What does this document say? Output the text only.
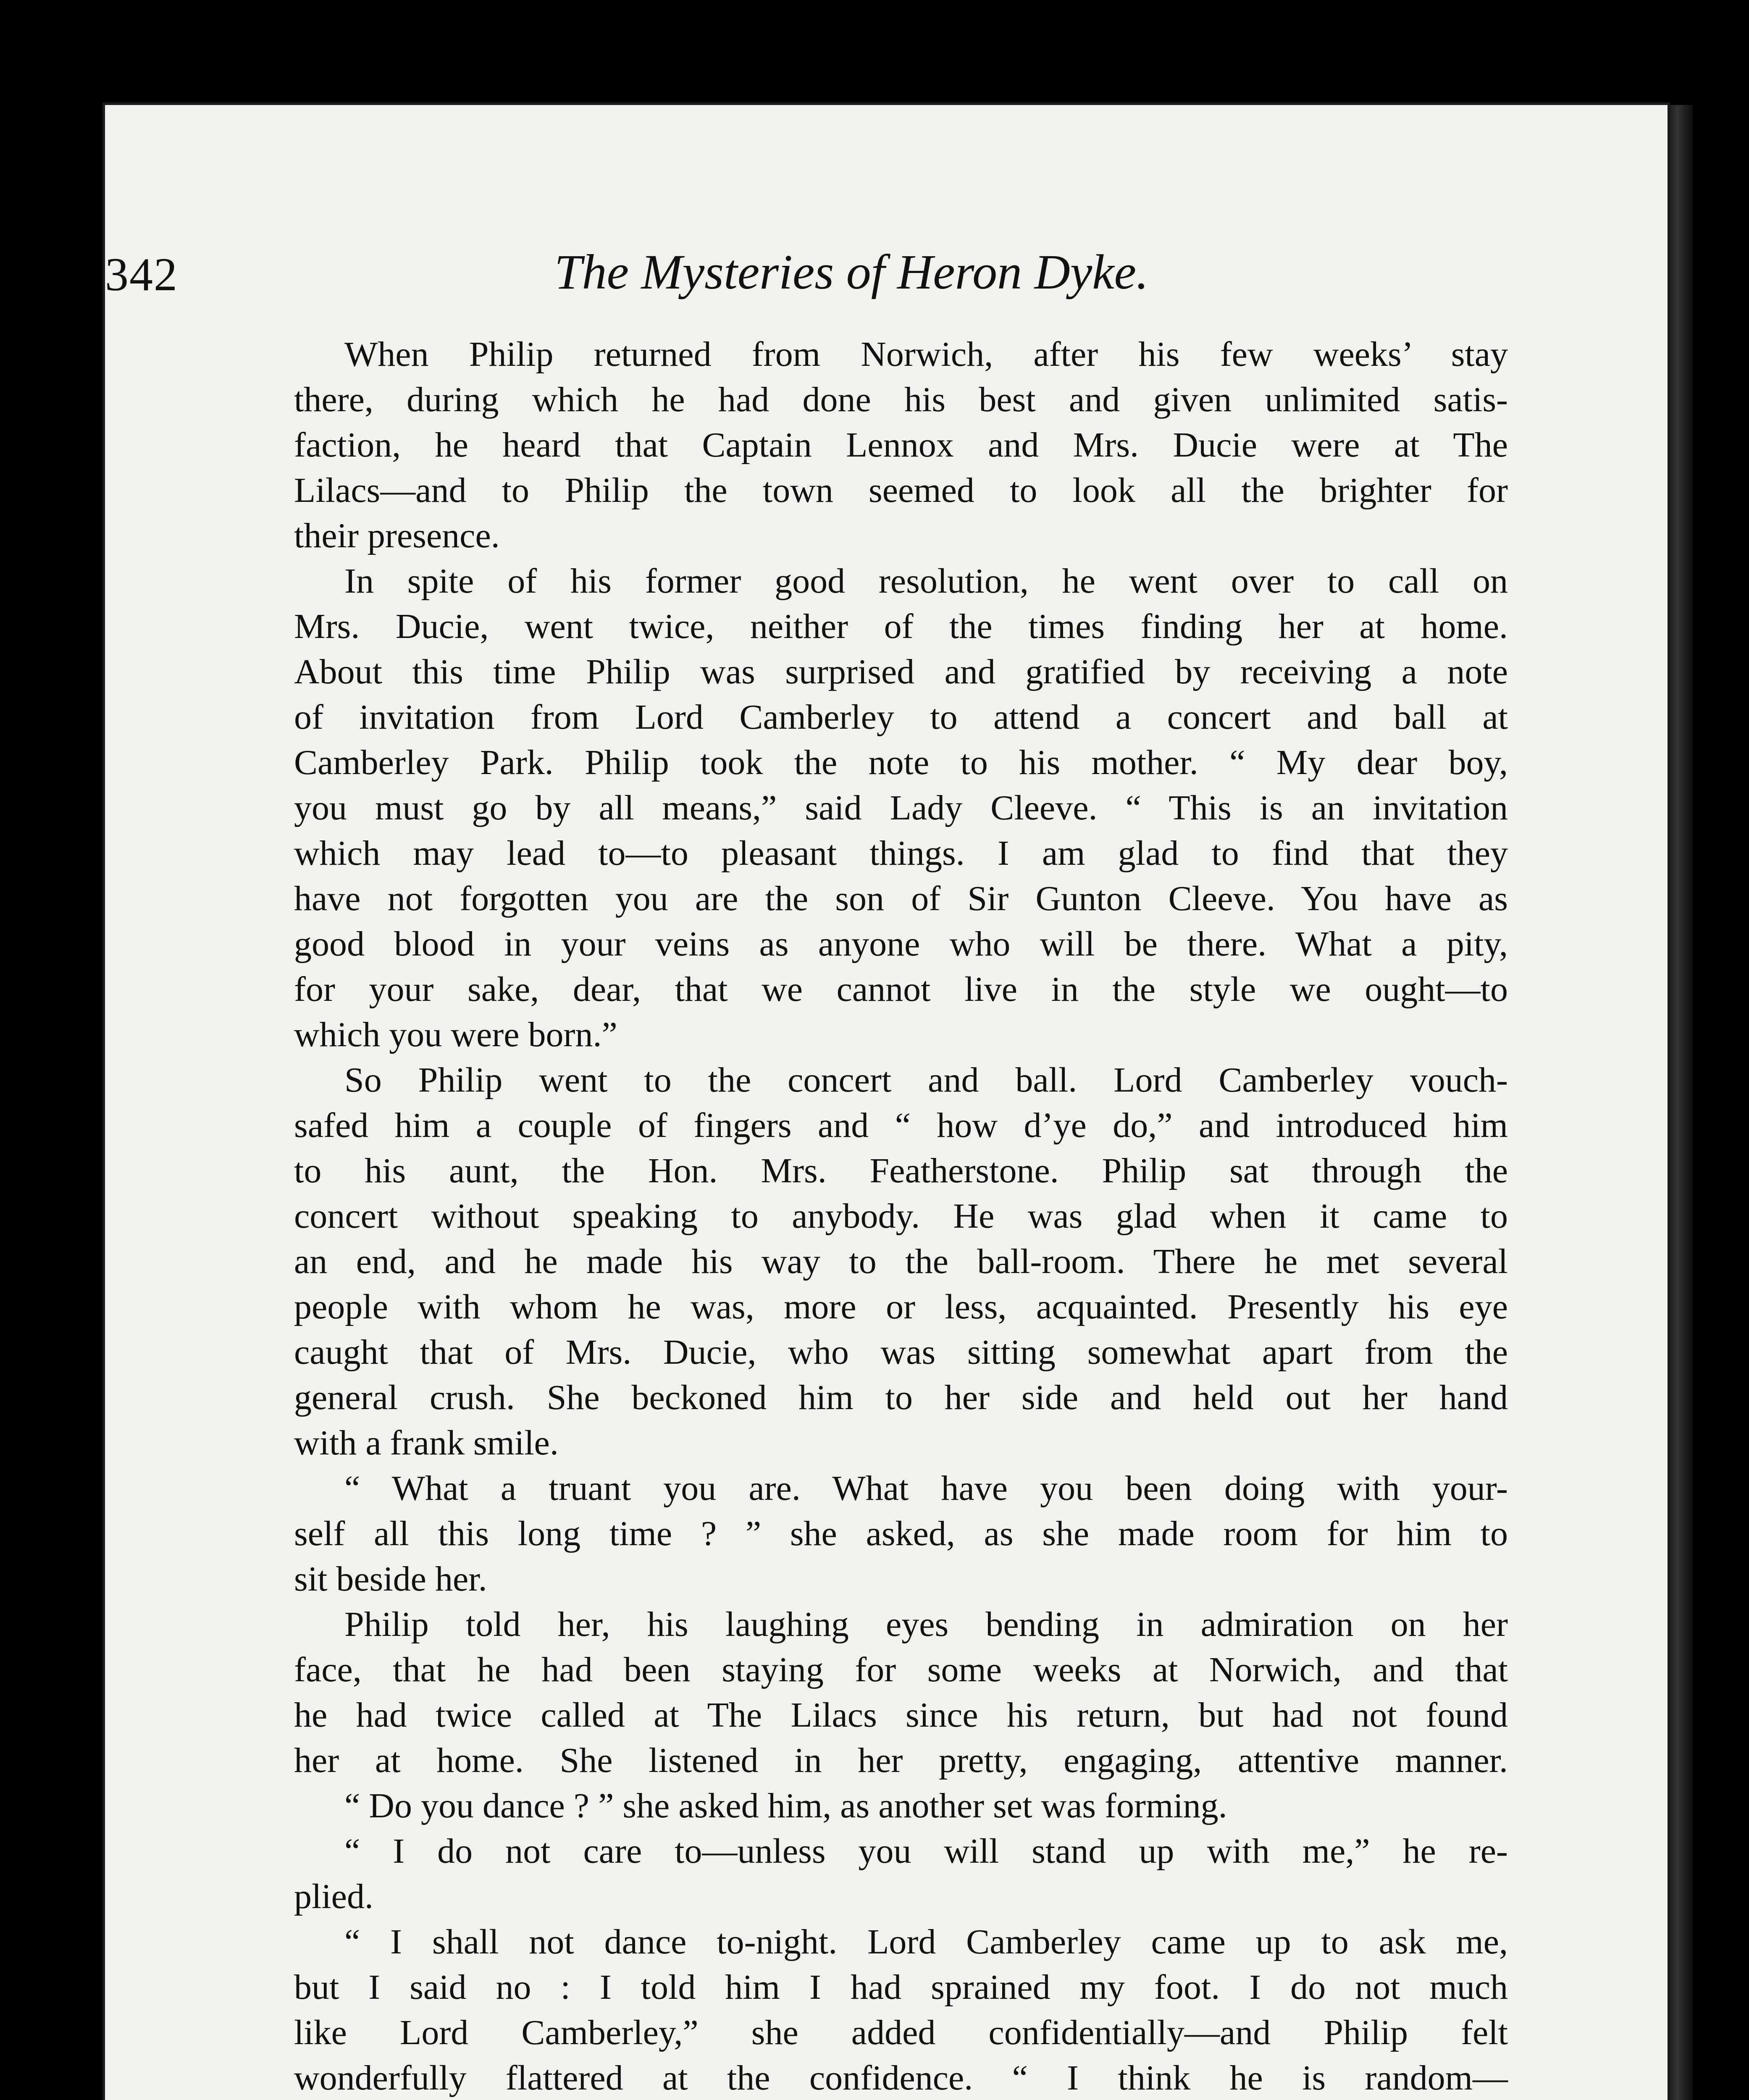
342	The Mysteries of Heron Dyke.
When Philip returned from Norwich, after his few weeks’ stay
there, during which he had done his best and given unlimited satis-
faction, he heard that Captain Lennox and Mrs. Ducie were at The
Lilacs—and to Philip the town seemed to look all the brighter for
their presence.
In spite of his former good resolution, he went over to call on
Mrs. Ducie, went twice, neither of the times finding her at home.
About this time Philip was surprised and gratified by receiving a note
of invitation from Lord Camberley to attend a concert and ball at
Camberley Park. Philip took the note to his mother. “ My dear boy,
you must go by all means,” said Lady Cleeve. “ This is an invitation
which may lead to—to pleasant things. I am glad to find that they
have not forgotten you are the son of Sir Gunton Cleeve. You have as
good blood in your veins as anyone who will be there. What a pity,
for your sake, dear, that we cannot live in the style we ought—to
which you were born.”
So Philip went to the concert and ball. Lord Camberley vouch-
safed him a couple of fingers and “ how d’ye do,” and introduced him
to his aunt, the Hon. Mrs. Featherstone. Philip sat through the
concert without speaking to anybody. He was glad when it came to
an end, and he made his way to the ball-room. There he met several
people with whom he was, more or less, acquainted. Presently his eye
caught that of Mrs. Ducie, who was sitting somewhat apart from the
general crush. She beckoned him to her side and held out her hand
with a frank smile.
“ What a truant you are. What have you been doing with your-
self all this long time ? ” she asked, as she made room for him to
sit beside her.
Philip told her, his laughing eyes bending in admiration on her
face, that he had been staying for some weeks at Norwich, and that
he had twice called at The Lilacs since his return, but had not found
her at home. She listened in her pretty, engaging, attentive manner.
“ Do you dance ? ” she asked him, as another set was forming.
“ I do not care to—unless you will stand up with me,” he re-
plied.
“ I shall not dance to-night. Lord Camberley came up to ask me,
but I said no : I told him I had sprained my foot. I do not much
like Lord Camberley,” she added confidentially—and Philip felt
wonderfully flattered at the confidence. “ I think he is random—
